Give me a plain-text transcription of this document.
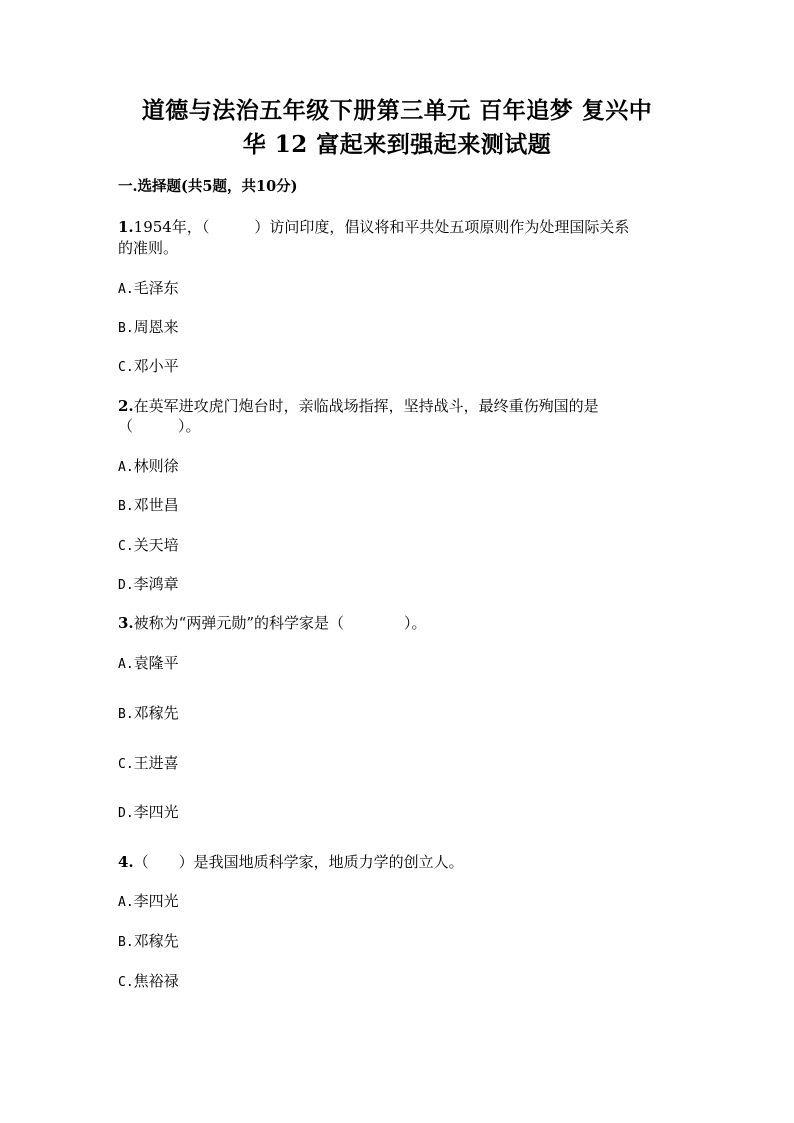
道德与法治五年级下册第三单元 百年追梦 复兴中
华 12 富起来到强起来测试题
一.选择题(共5题，共10分)
1.1954年，（　　　）访问印度，倡议将和平共处五项原则作为处理国际关系
的准则。
A.毛泽东
B.周恩来
C.邓小平
2.在英军进攻虎门炮台时，亲临战场指挥，坚持战斗，最终重伤殉国的是
（　　　）。
A.林则徐
B.邓世昌
C.关天培
D.李鸿章
3.被称为“两弹元勋”的科学家是（　　　　）。
A.袁隆平
B.邓稼先
C.王进喜
D.李四光
4.（　　）是我国地质科学家，地质力学的创立人。
A.李四光
B.邓稼先
C.焦裕禄
